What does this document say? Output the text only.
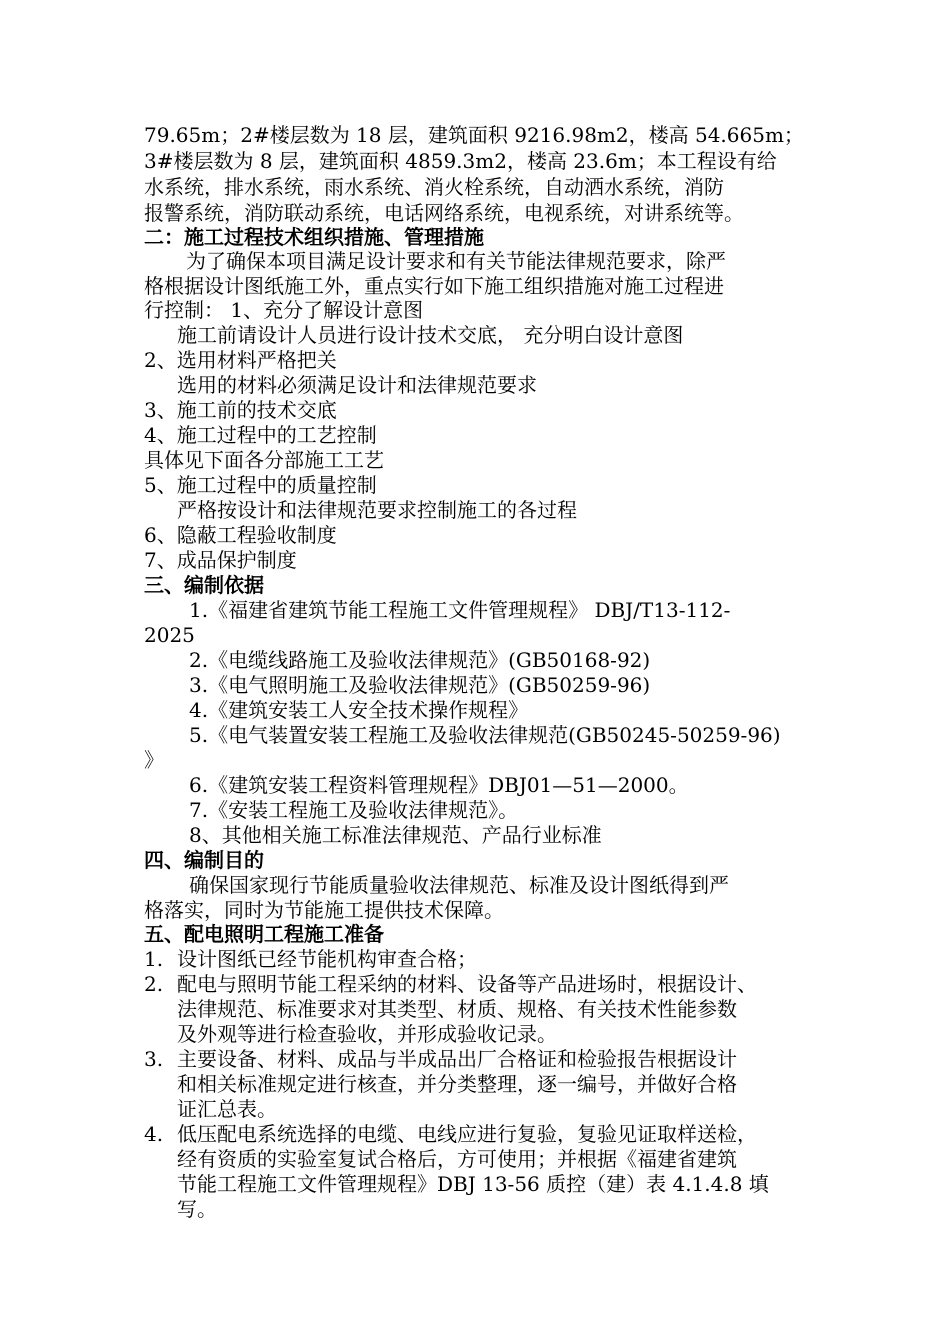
79.65m；2#楼层数为 18 层，建筑面积 9216.98m2，楼高 54.665m；
3#楼层数为 8 层，建筑面积 4859.3m2，楼高 23.6m；本工程设有给
水系统，排水系统，雨水系统、消火栓系统，自动洒水系统，消防
报警系统，消防联动系统，电话网络系统，电视系统，对讲系统等。
二：施工过程技术组织措施、管理措施
为了确保本项目满足设计要求和有关节能法律规范要求，除严
格根据设计图纸施工外，重点实行如下施工组织措施对施工过程进
行控制： 1、充分了解设计意图
施工前请设计人员进行设计技术交底， 充分明白设计意图
2、选用材料严格把关
选用的材料必须满足设计和法律规范要求
3、施工前的技术交底
4、施工过程中的工艺控制
具体见下面各分部施工工艺
5、施工过程中的质量控制
严格按设计和法律规范要求控制施工的各过程
6、隐蔽工程验收制度
7、成品保护制度
三、编制依据
1.《福建省建筑节能工程施工文件管理规程》 DBJ/T13-112-
2025
2.《电缆线路施工及验收法律规范》(GB50168-92)
3.《电气照明施工及验收法律规范》(GB50259-96)
4.《建筑安装工人安全技术操作规程》
5.《电气装置安装工程施工及验收法律规范(GB50245-50259-96)
》
6.《建筑安装工程资料管理规程》DBJ01—51—2000。
7.《安装工程施工及验收法律规范》。
8、其他相关施工标准法律规范、产品行业标准
四、编制目的
确保国家现行节能质量验收法律规范、标准及设计图纸得到严
格落实，同时为节能施工提供技术保障。
五、配电照明工程施工准备
1. 设计图纸已经节能机构审查合格；
2. 配电与照明节能工程采纳的材料、设备等产品进场时，根据设计、
法律规范、标准要求对其类型、材质、规格、有关技术性能参数
及外观等进行检查验收，并形成验收记录。
3. 主要设备、材料、成品与半成品出厂合格证和检验报告根据设计
和相关标准规定进行核查，并分类整理，逐一编号，并做好合格
证汇总表。
4. 低压配电系统选择的电缆、电线应进行复验，复验见证取样送检，
经有资质的实验室复试合格后，方可使用；并根据《福建省建筑
节能工程施工文件管理规程》DBJ 13-56 质控（建）表 4.1.4.8 填
写。
